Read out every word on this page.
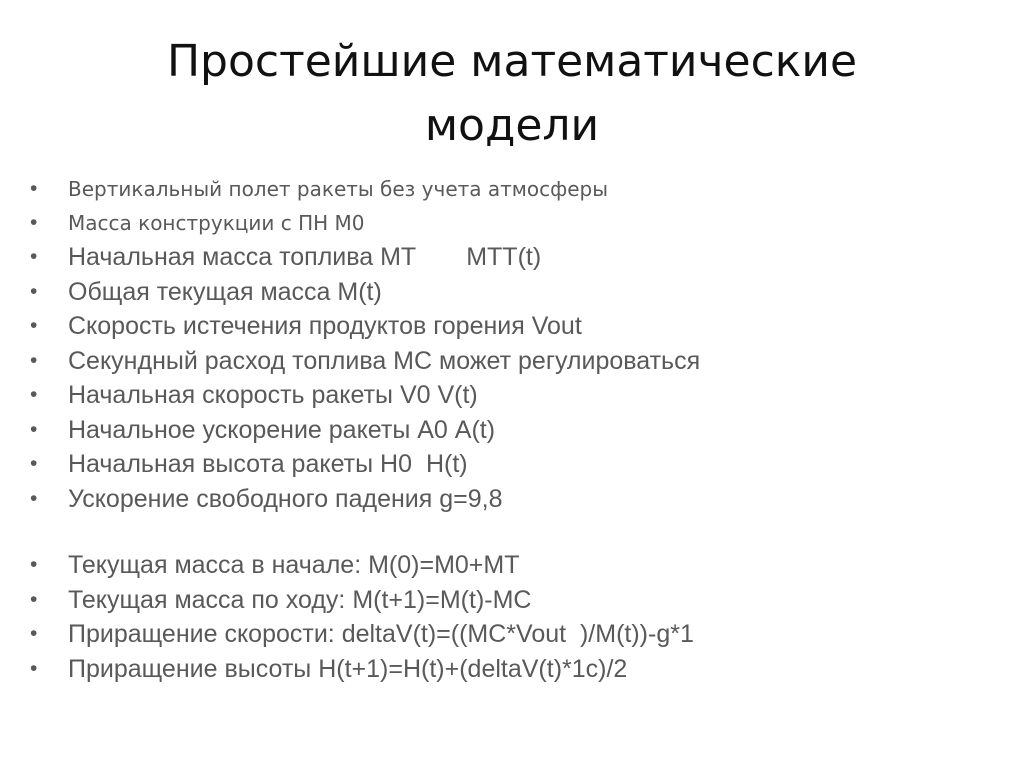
Простейшие математические
модели
• Вертикальный полет ракеты без учета атмосферы
• Масса конструкции с ПН М0
• Начальная масса топлива МТ МТТ(t)
• Общая текущая масса М(t)
• Скорость истечения продуктов горения Vout
• Секундный расход топлива МС может регулироваться
• Начальная скорость ракеты V0 V(t)
• Начальное ускорение ракеты А0 А(t)
• Начальная высота ракеты Н0 Н(t)
• Ускорение свободного падения g=9,8
• Текущая масса в начале: М(0)=М0+МТ
• Текущая масса по ходу: М(t+1)=M(t)-MC
• Приращение скорости: deltaV(t)=((MC*Vout  )/M(t))-g*1
• Приращение высоты H(t+1)=H(t)+(deltaV(t)*1c)/2
